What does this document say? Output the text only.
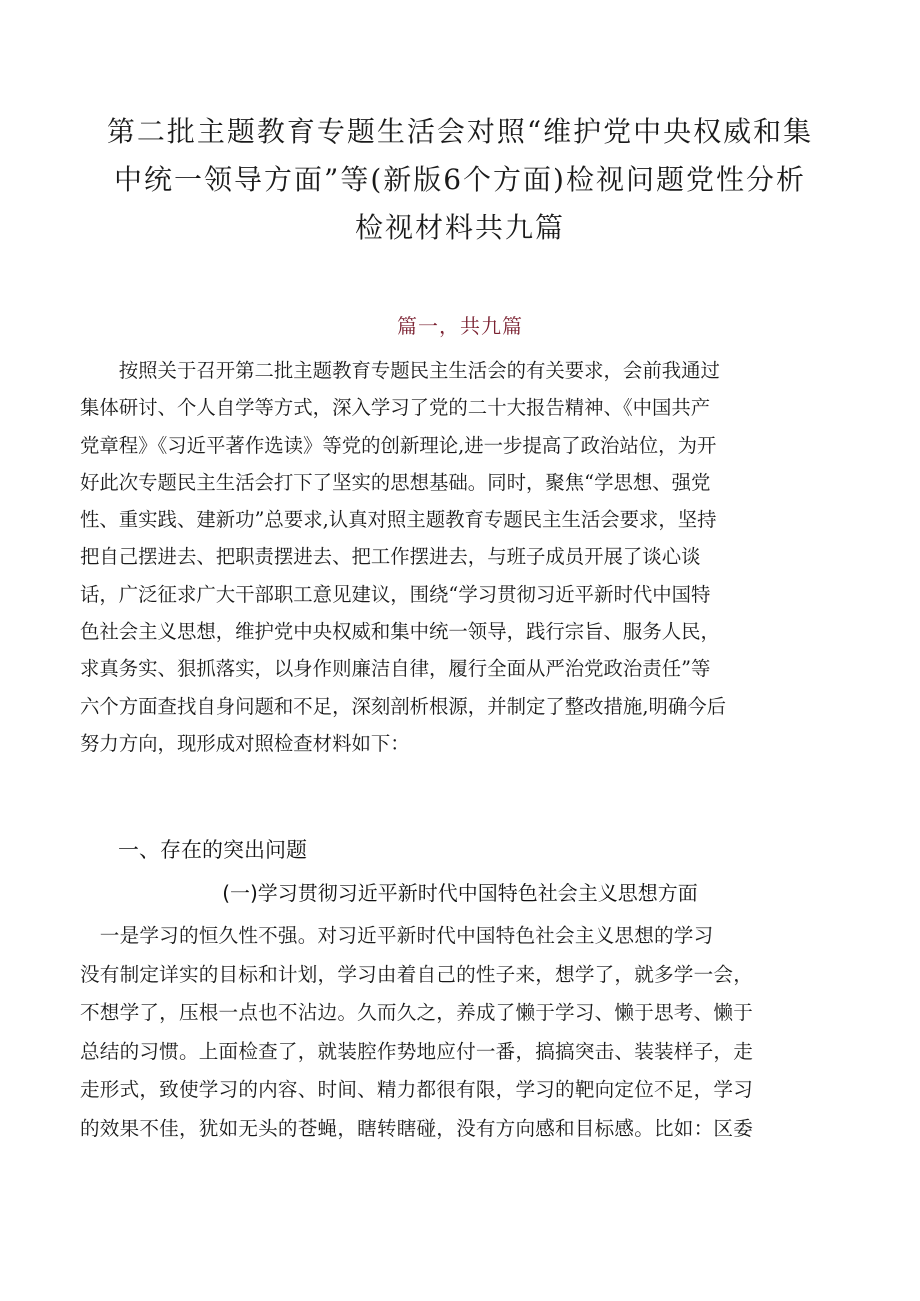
第二批主题教育专题生活会对照“维护党中央权威和集
中统一领导方面”等(新版6个方面)检视问题党性分析
检视材料共九篇
篇一，共九篇
　　按照关于召开第二批主题教育专题民主生活会的有关要求，会前我通过
集体研讨、个人自学等方式，深入学习了党的二十大报告精神、《中国共产
党章程》《习近平著作选读》等党的创新理论,进一步提高了政治站位，为开
好此次专题民主生活会打下了坚实的思想基础。同时，聚焦“学思想、强党
性、重实践、建新功”总要求,认真对照主题教育专题民主生活会要求，坚持
把自己摆进去、把职责摆进去、把工作摆进去，与班子成员开展了谈心谈
话，广泛征求广大干部职工意见建议，围绕“学习贯彻习近平新时代中国特
色社会主义思想，维护党中央权威和集中统一领导，践行宗旨、服务人民，
求真务实、狠抓落实，以身作则廉洁自律，履行全面从严治党政治责任”等
六个方面查找自身问题和不足，深刻剖析根源，并制定了整改措施,明确今后
努力方向，现形成对照检查材料如下：
一、存在的突出问题
(一)学习贯彻习近平新时代中国特色社会主义思想方面
　一是学习的恒久性不强。对习近平新时代中国特色社会主义思想的学习
没有制定详实的目标和计划，学习由着自己的性子来，想学了，就多学一会，
不想学了，压根一点也不沾边。久而久之，养成了懒于学习、懒于思考、懒于
总结的习惯。上面检查了，就装腔作势地应付一番，搞搞突击、装装样子，走
走形式，致使学习的内容、时间、精力都很有限，学习的靶向定位不足，学习
的效果不佳，犹如无头的苍蝇，瞎转瞎碰，没有方向感和目标感。比如：区委
